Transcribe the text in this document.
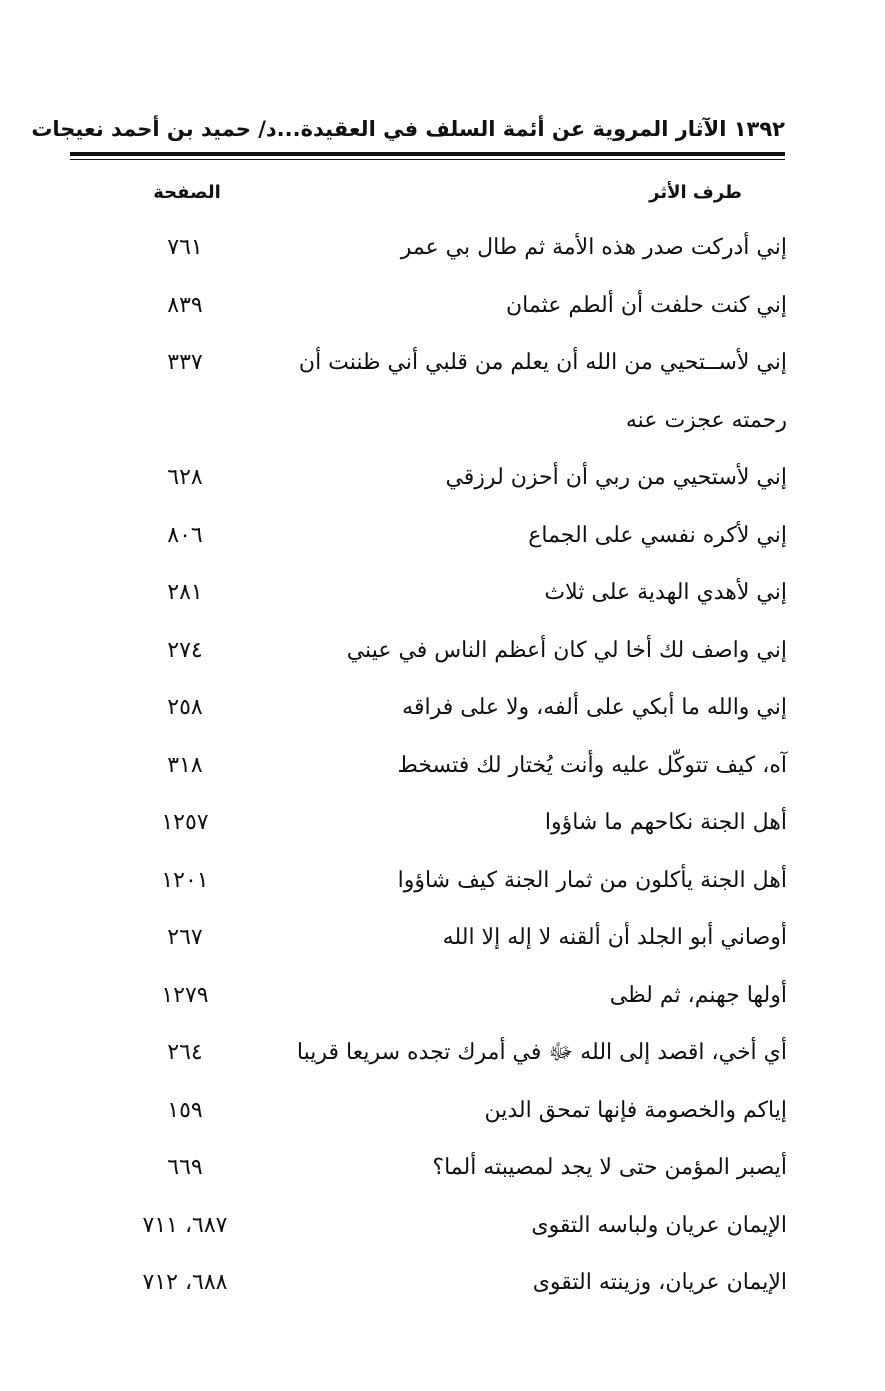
١٣٩٢ الآثار المروية عن أئمة السلف في العقيدة...د/ حميد بن أحمد نعيجات
طرف الأثر
الصفحة
إني أدركت صدر هذه الأمة ثم طال بي عمر
٧٦١
إني كنت حلفت أن ألطم عثمان
٨٣٩
إني لأســتحيي من الله أن يعلم من قلبي أني ظننت أن
٣٣٧
رحمته عجزت عنه
إني لأستحيي من ربي أن أحزن لرزقي
٦٢٨
إني لأكره نفسي على الجماع
٨٠٦
إني لأهدي الهدية على ثلاث
٢٨١
إني واصف لك أخا لي كان أعظم الناس في عيني
٢٧٤
إني والله ما أبكي على ألفه، ولا على فراقه
٢٥٨
آه، كيف تتوكّل عليه وأنت يُختار لك فتسخط
٣١٨
أهل الجنة نكاحهم ما شاؤوا
١٢٥٧
أهل الجنة يأكلون من ثمار الجنة كيف شاؤوا
١٢٠١
أوصاني أبو الجلد أن ألقنه لا إله إلا الله
٢٦٧
أولها جهنم، ثم لظى
١٢٧٩
أي أخي، اقصد إلى الله ﷻ في أمرك تجده سريعا قريبا
٢٦٤
إياكم والخصومة فإنها تمحق الدين
١٥٩
أيصبر المؤمن حتى لا يجد لمصيبته ألما؟
٦٦٩
الإيمان عريان ولباسه التقوى
٦٨٧، ٧١١
الإيمان عريان، وزينته التقوى
٦٨٨، ٧١٢
